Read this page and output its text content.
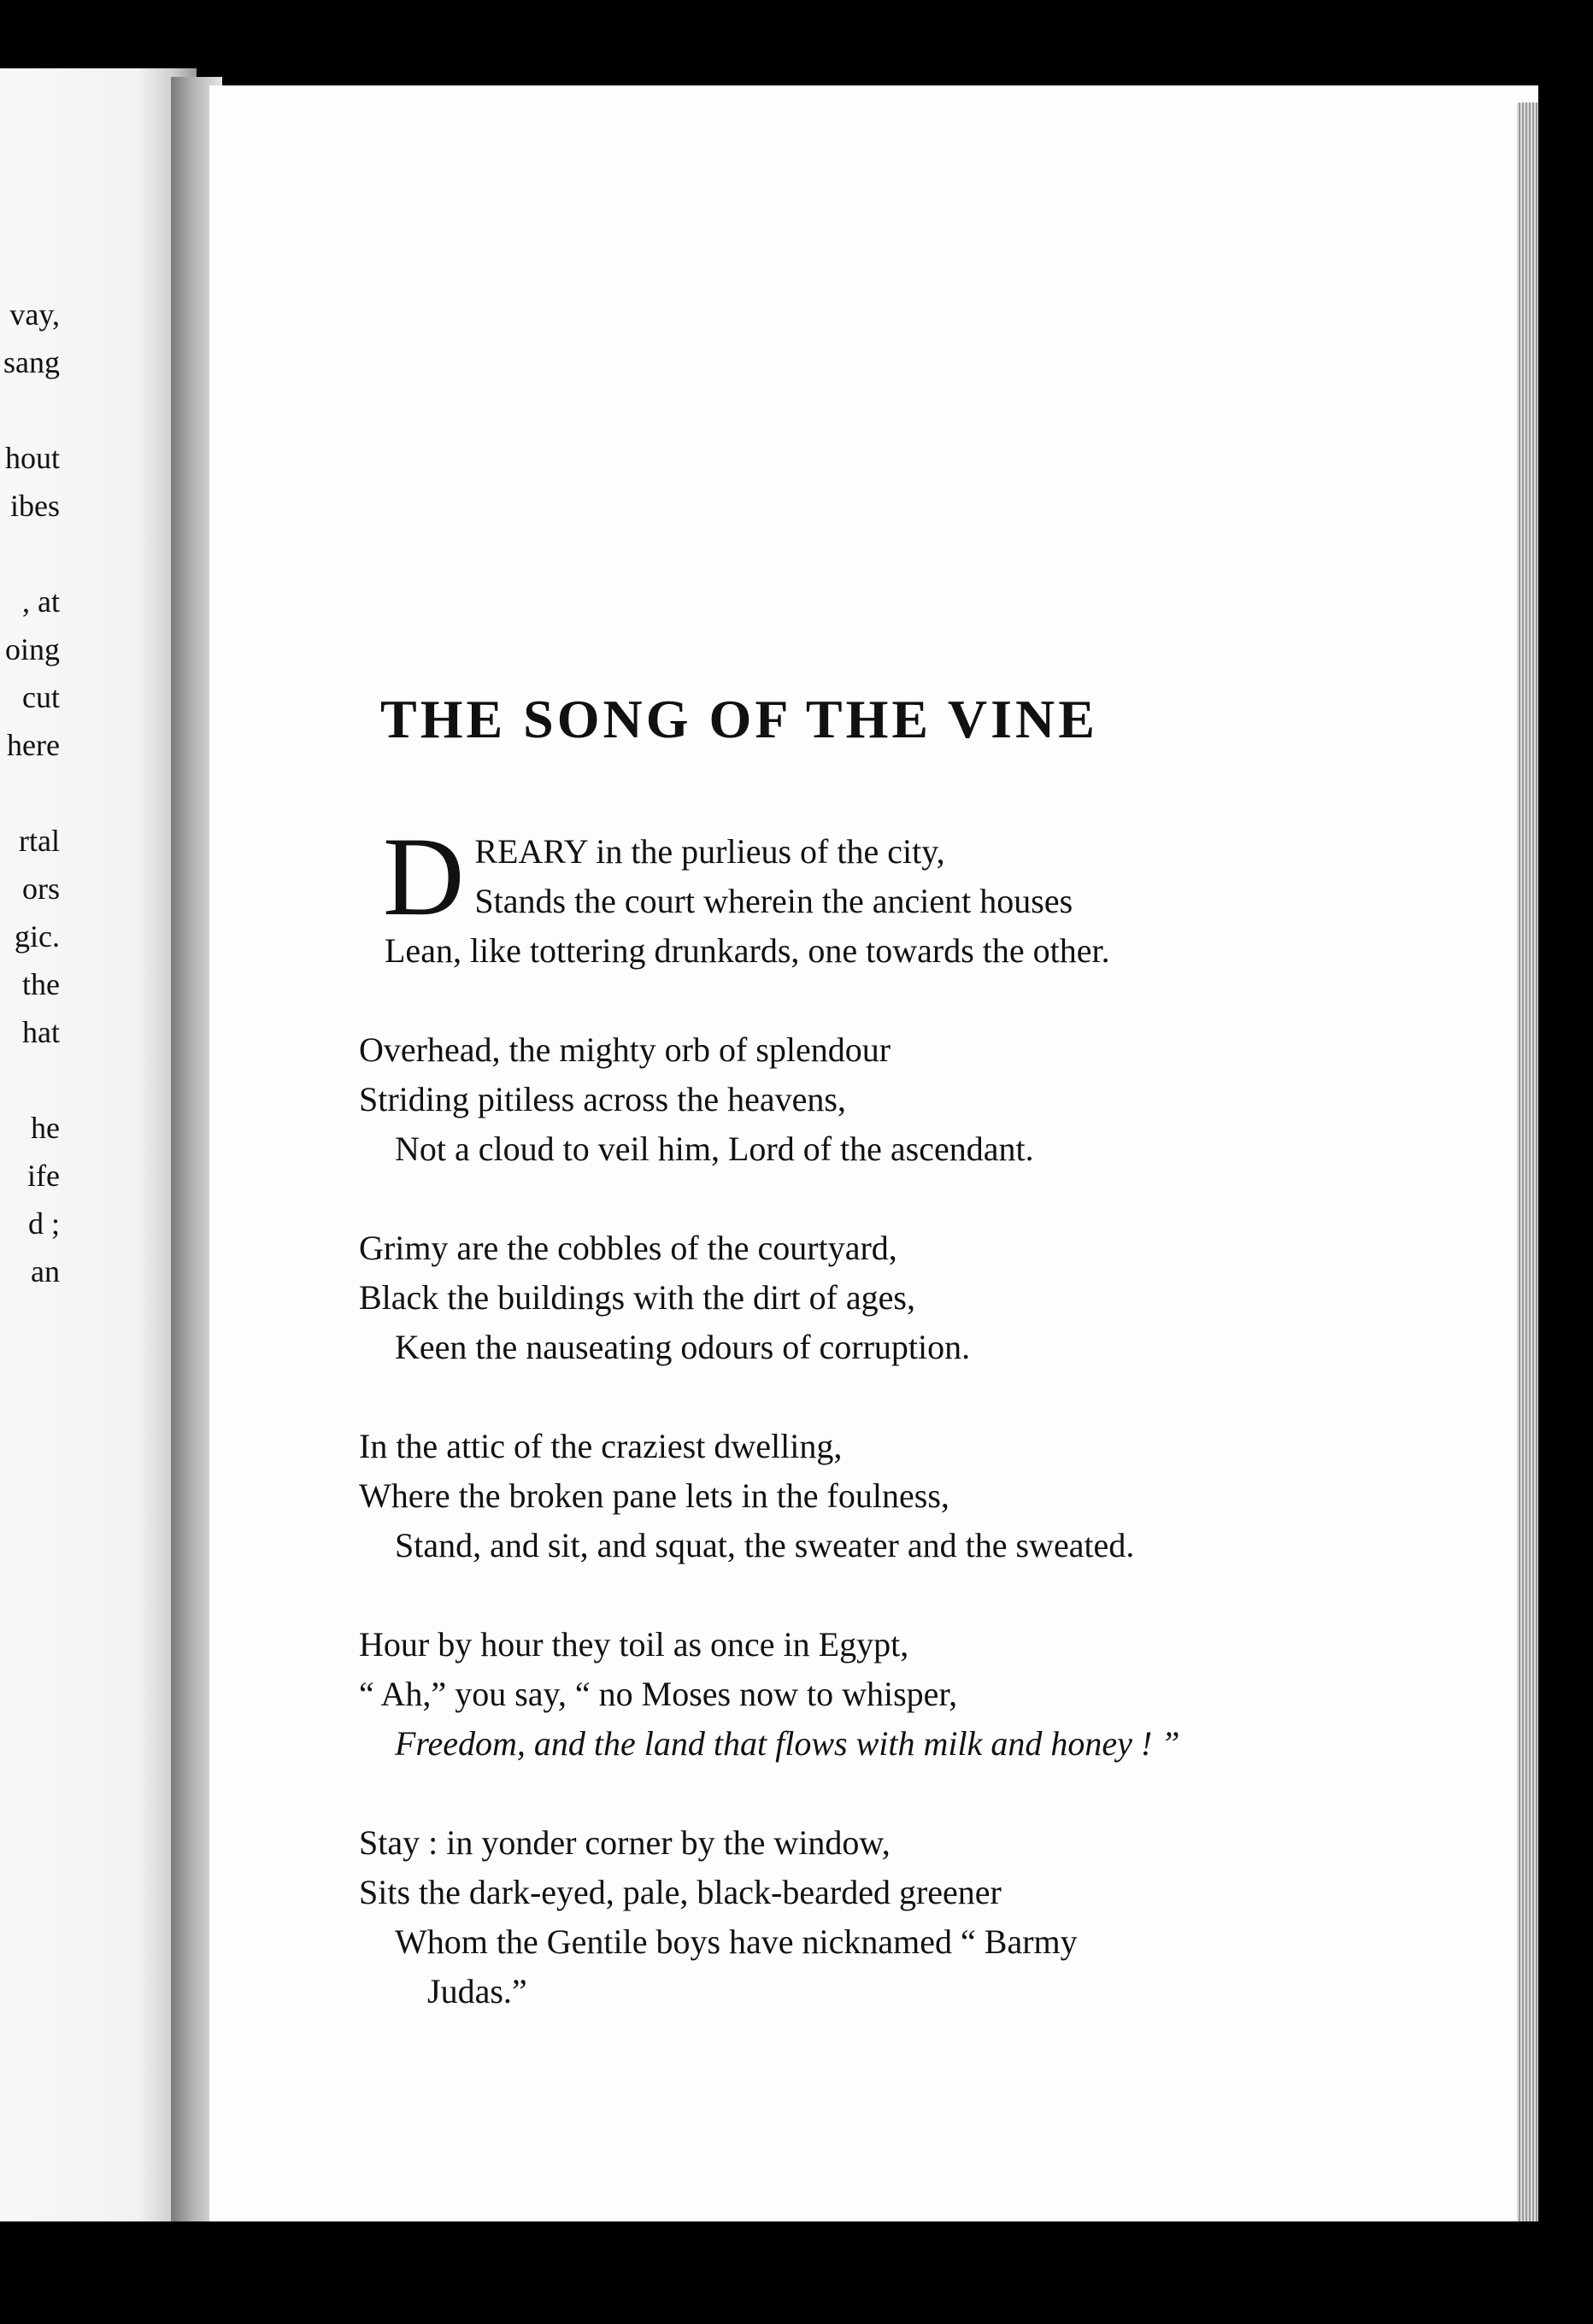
vay,
sang
hout
ibes
, at
oing
cut
here
rtal
ors
gic.
the
hat
he
ife
d ;
an
THE SONG OF THE VINE
D REARY in the purlieus of the city,
Stands the court wherein the ancient houses
Lean, like tottering drunkards, one towards the other.
Overhead, the mighty orb of splendour
Striding pitiless across the heavens,
Not a cloud to veil him, Lord of the ascendant.
Grimy are the cobbles of the courtyard,
Black the buildings with the dirt of ages,
Keen the nauseating odours of corruption.
In the attic of the craziest dwelling,
Where the broken pane lets in the foulness,
Stand, and sit, and squat, the sweater and the sweated.
Hour by hour they toil as once in Egypt,
“ Ah,” you say, “ no Moses now to whisper,
Freedom, and the land that flows with milk and honey ! ”
Stay : in yonder corner by the window,
Sits the dark-eyed, pale, black-bearded greener
Whom the Gentile boys have nicknamed “ Barmy
Judas.”
